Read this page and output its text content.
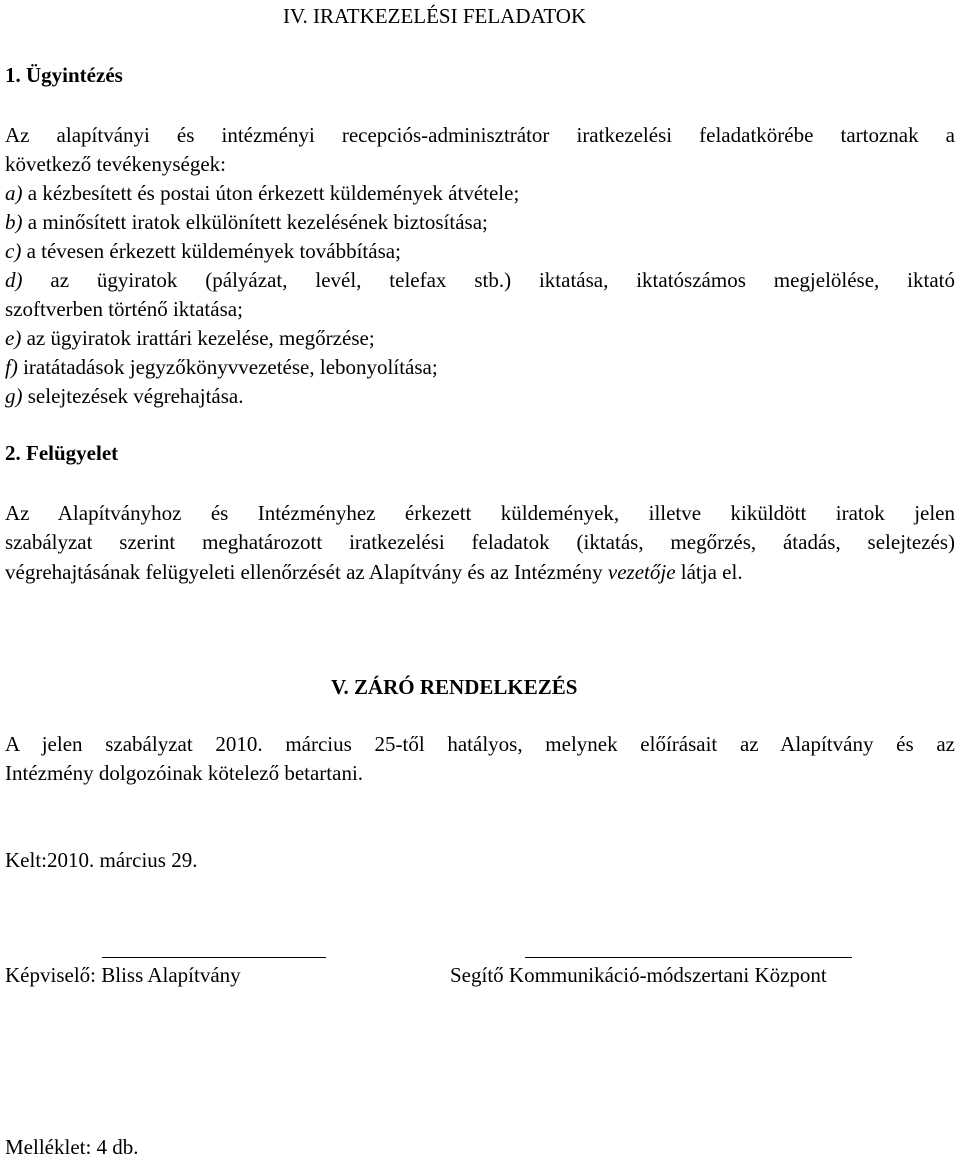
IV. IRATKEZELÉSI FELADATOK
1. Ügyintézés
Az alapítványi és intézményi recepciós-adminisztrátor iratkezelési feladatkörébe tartoznak a
következő tevékenységek:
a) a kézbesített és postai úton érkezett küldemények átvétele;
b) a minősített iratok elkülönített kezelésének biztosítása;
c) a tévesen érkezett küldemények továbbítása;
d) az ügyiratok (pályázat, levél, telefax stb.) iktatása, iktatószámos megjelölése, iktató
szoftverben történő iktatása;
e) az ügyiratok irattári kezelése, megőrzése;
f) iratátadások jegyzőkönyvvezetése, lebonyolítása;
g) selejtezések végrehajtása.
2. Felügyelet
Az Alapítványhoz és Intézményhez érkezett küldemények, illetve kiküldött iratok jelen
szabályzat szerint meghatározott iratkezelési feladatok (iktatás, megőrzés, átadás, selejtezés)
végrehajtásának felügyeleti ellenőrzését az Alapítvány és az Intézmény vezetője látja el.
V. ZÁRÓ RENDELKEZÉS
A jelen szabályzat 2010. március 25-től hatályos, melynek előírásait az Alapítvány és az
Intézmény dolgozóinak kötelező betartani.
Kelt:2010. március 29.
Képviselő: Bliss Alapítvány	Segítő Kommunikáció-módszertani Központ
Melléklet: 4 db.
